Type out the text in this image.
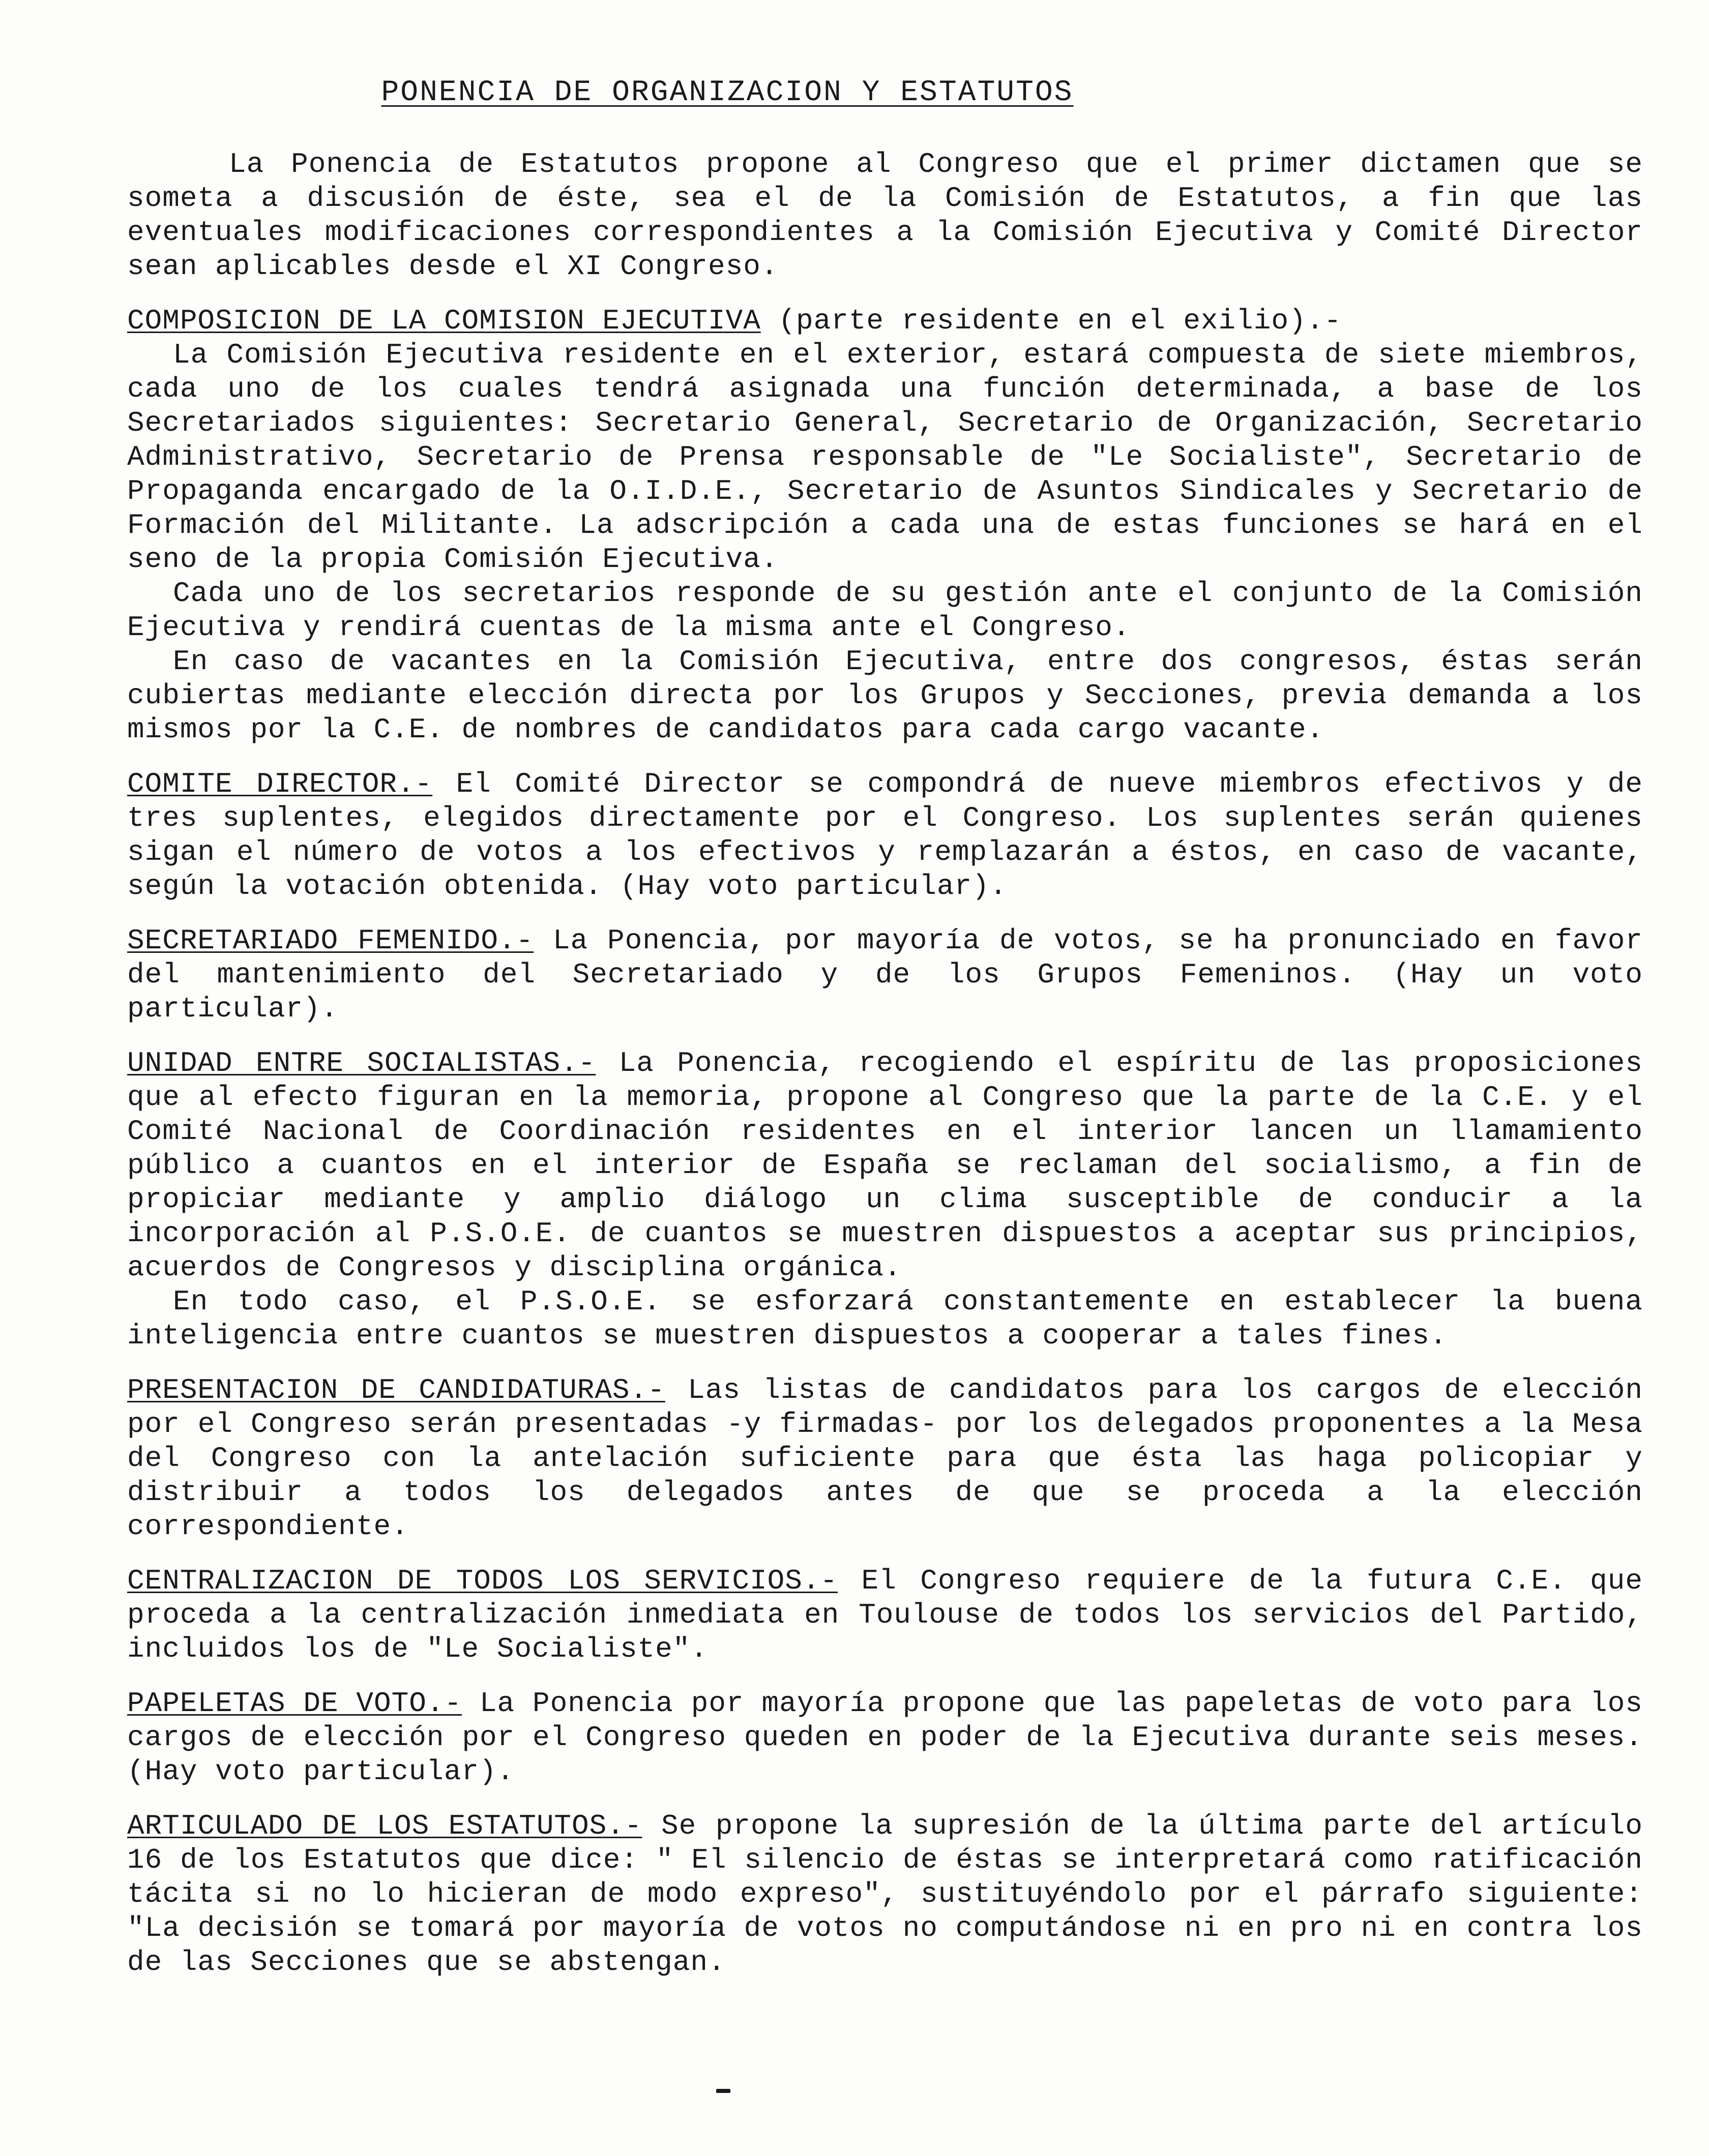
PONENCIA DE ORGANIZACION Y ESTATUTOS

La Ponencia de Estatutos propone al Congreso que el primer dictamen que se someta a discusión de éste, sea el de la Comisión de Estatutos, a fin que las eventuales modificaciones correspondientes a la Comisión Ejecutiva y Comité Director sean aplicables desde el XI Congreso.

COMPOSICION DE LA COMISION EJECUTIVA (parte residente en el exilio).-

La Comisión Ejecutiva residente en el exterior, estará compuesta de siete miembros, cada uno de los cuales tendrá asignada una función determinada, a base de los Secretariados siguientes: Secretario General, Secretario de Organización, Secretario Administrativo, Secretario de Prensa responsable de "Le Socialiste", Secretario de Propaganda encargado de la O.I.D.E., Secretario de Asuntos Sindicales y Secretario de Formación del Militante. La adscripción a cada una de estas funciones se hará en el seno de la propia Comisión Ejecutiva.

Cada uno de los secretarios responde de su gestión ante el conjunto de la Comisión Ejecutiva y rendirá cuentas de la misma ante el Congreso.

En caso de vacantes en la Comisión Ejecutiva, entre dos congresos, éstas serán cubiertas mediante elección directa por los Grupos y Secciones, previa demanda a los mismos por la C.E. de nombres de candidatos para cada cargo vacante.

COMITE DIRECTOR.- El Comité Director se compondrá de nueve miembros efectivos y de tres suplentes, elegidos directamente por el Congreso. Los suplentes serán quienes sigan el número de votos a los efectivos y remplazarán a éstos, en caso de vacante, según la votación obtenida. (Hay voto particular).

SECRETARIADO FEMENIDO.- La Ponencia, por mayoría de votos, se ha pronunciado en favor del mantenimiento del Secretariado y de los Grupos Femeninos. (Hay un voto particular).

UNIDAD ENTRE SOCIALISTAS.- La Ponencia, recogiendo el espíritu de las proposiciones que al efecto figuran en la memoria, propone al Congreso que la parte de la C.E. y el Comité Nacional de Coordinación residentes en el interior lancen un llamamiento público a cuantos en el interior de España se reclaman del socialismo, a fin de propiciar mediante y amplio diálogo un clima susceptible de conducir a la incorporación al P.S.O.E. de cuantos se muestren dispuestos a aceptar sus principios, acuerdos de Congresos y disciplina orgánica.

En todo caso, el P.S.O.E. se esforzará constantemente en establecer la buena inteligencia entre cuantos se muestren dispuestos a cooperar a tales fines.

PRESENTACION DE CANDIDATURAS.- Las listas de candidatos para los cargos de elección por el Congreso serán presentadas -y firmadas- por los delegados proponentes a la Mesa del Congreso con la antelación suficiente para que ésta las haga policopiar y distribuir a todos los delegados antes de que se proceda a la elección correspondiente.

CENTRALIZACION DE TODOS LOS SERVICIOS.- El Congreso requiere de la futura C.E. que proceda a la centralización inmediata en Toulouse de todos los servicios del Partido, incluidos los de "Le Socialiste".

PAPELETAS DE VOTO.- La Ponencia por mayoría propone que las papeletas de voto para los cargos de elección por el Congreso queden en poder de la Ejecutiva durante seis meses. (Hay voto particular).

ARTICULADO DE LOS ESTATUTOS.- Se propone la supresión de la última parte del artículo 16 de los Estatutos que dice: " El silencio de éstas se interpretará como ratificación tácita si no lo hicieran de modo expreso", sustituyéndolo por el párrafo siguiente: "La decisión se tomará por mayoría de votos no computándose ni en pro ni en contra los de las Secciones que se abstengan.
